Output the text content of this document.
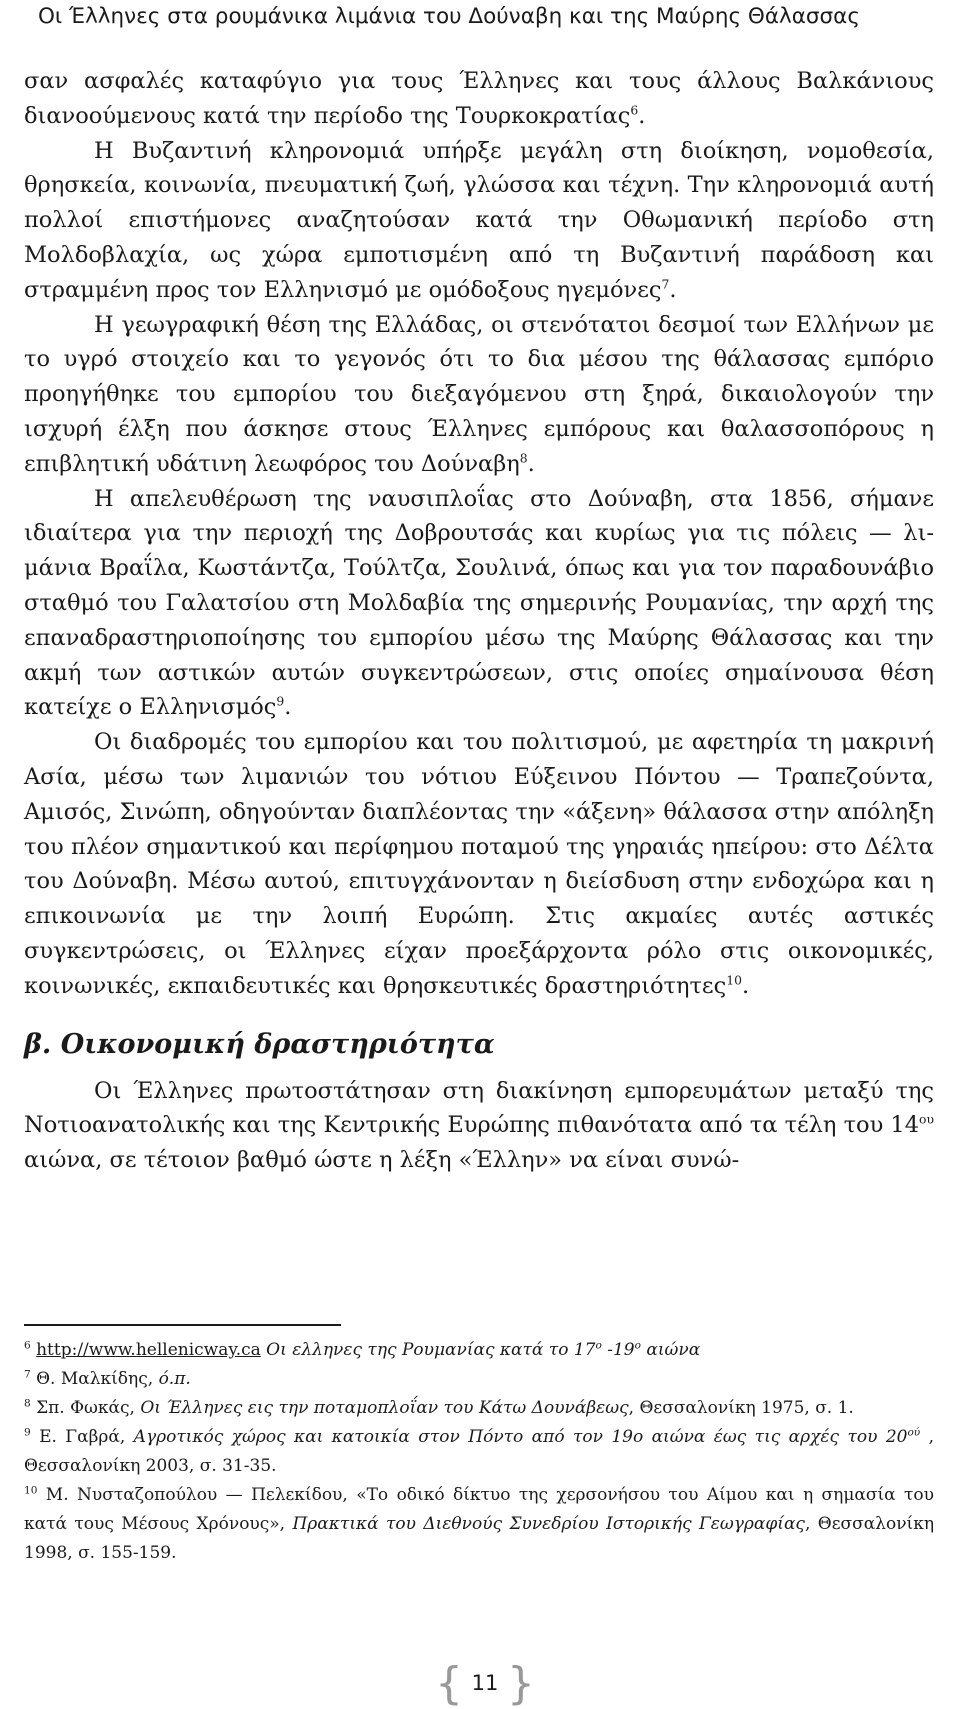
Οι Έλληνες στα ρουμάνικα λιμάνια του Δούναβη και της Μαύρης Θάλασσας

σαν ασφαλές καταφύγιο για τους Έλληνες και τους άλλους Βαλκάνιους διανοούμενους κατά την περίοδο της Τουρκοκρατίας$^6$.

Η Βυζαντινή κληρονομιά υπήρξε μεγάλη στη διοίκηση, νομοθεσία, θρησκεία, κοινωνία, πνευματική ζωή, γλώσσα και τέχνη. Την κληρονομιά αυτή πολλοί επιστήμονες αναζητούσαν κατά την Οθωμανική περίοδο στη Μολδοβλαχία, ως χώρα εμποτισμένη από τη Βυζαντινή παράδοση και στραμμένη προς τον Ελληνισμό με ομόδοξους ηγεμόνες$^7$.

Η γεωγραφική θέση της Ελλάδας, οι στενότατοι δεσμοί των Ελλήνων με το υγρό στοιχείο και το γεγονός ότι το δια μέσου της θάλασσας εμπόριο προηγήθηκε του εμπορίου του διεξαγόμενου στη ξηρά, δικαιολογούν την ισχυρή έλξη που άσκησε στους Έλληνες εμπόρους και θαλασσοπόρους η επιβλητική υδάτινη λεωφόρος του Δούναβη$^8$.

Η απελευθέρωση της ναυσιπλοΐας στο Δούναβη, στα 1856, σήμανε ιδιαίτερα για την περιοχή της Δοβρουτσάς και κυρίως για τις πόλεις — λιμάνια Βραΐλα, Κωστάντζα, Τούλτζα, Σουλινά, όπως και για τον παραδουνάβιο σταθμό του Γαλατσίου στη Μολδαβία της σημερινής Ρουμανίας, την αρχή της επαναδραστηριοποίησης του εμπορίου μέσω της Μαύρης Θάλασσας και την ακμή των αστικών αυτών συγκεντρώσεων, στις οποίες σημαίνουσα θέση κατείχε ο Ελληνισμός$^9$.

Οι διαδρομές του εμπορίου και του πολιτισμού, με αφετηρία τη μακρινή Ασία, μέσω των λιμανιών του νότιου Εύξεινου Πόντου — Τραπεζούντα, Αμισός, Σινώπη, οδηγούνταν διαπλέοντας την «άξενη» θάλασσα στην απόληξη του πλέον σημαντικού και περίφημου ποταμού της γηραιάς ηπείρου: στο Δέλτα του Δούναβη. Μέσω αυτού, επιτυγχάνονταν η διείσδυση στην ενδοχώρα και η επικοινωνία με την λοιπή Ευρώπη. Στις ακμαίες αυτές αστικές συγκεντρώσεις, οι Έλληνες είχαν προεξάρχοντα ρόλο στις οικονομικές, κοινωνικές, εκπαιδευτικές και θρησκευτικές δραστηριότητες$^{10}$.

β. Οικονομική δραστηριότητα

Οι Έλληνες πρωτοστάτησαν στη διακίνηση εμπορευμάτων μεταξύ της Νοτιοανατολικής και της Κεντρικής Ευρώπης πιθανότατα από τα τέλη του $14^{o\upsilon}$ αιώνα, σε τέτοιον βαθμό ώστε η λέξη «Έλλην» να είναι συνώ-

$^6$ http://www.hellenicway.ca Οι ελληνες της Ρουμανίας κατά το $17^o$ $-19^o$ αιώνα

$^7$ Θ. Μαλκίδης, ό.π.

$^8$ Σπ. Φωκάς, Οι Έλληνες εις την ποταμοπλοΐαν του Κάτω Δουνάβεως, Θεσσαλονίκη 1975, σ. 1.

$^9$ Ε. Γαβρά, Αγροτικός χώρος και κατοικία στον Πόντο από τον 19ο αιώνα έως τις αρχές του $20^{oύ}$ , Θεσσαλονίκη 2003, σ. 31-35.

$^{10}$ Μ. Νυσταζοπούλου — Πελεκίδου, «Το οδικό δίκτυο της χερσονήσου του Αίμου και η σημασία του κατά τους Μέσους Χρόνους», Πρακτικά του Διεθνούς Συνεδρίου Ιστορικής Γεωγραφίας, Θεσσαλονίκη 1998, σ. 155-159.

{ 11 }
